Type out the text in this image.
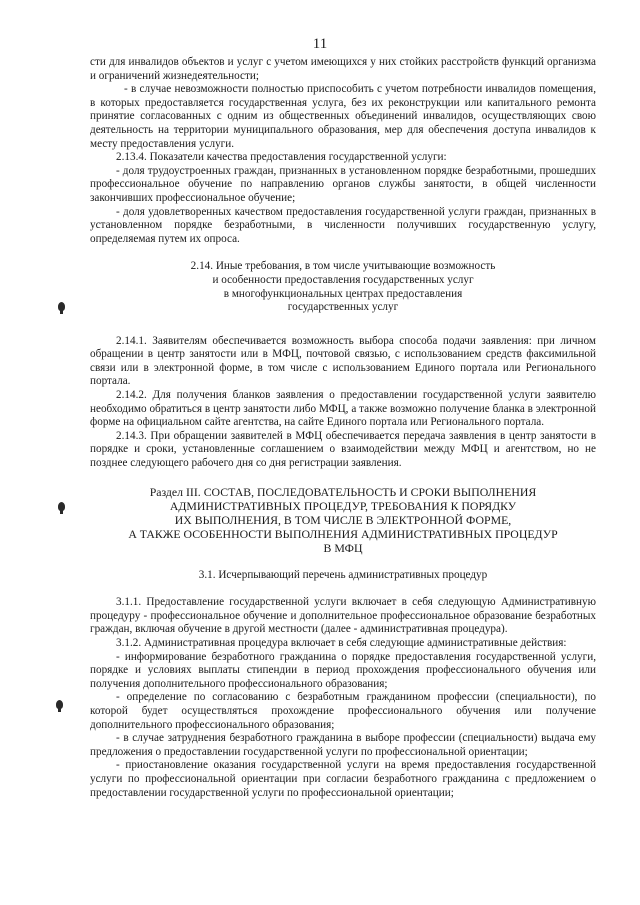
11

сти для инвалидов объектов и услуг с учетом имеющихся у них стойких расстройств функций организма и ограничений жизнедеятельности;

- в случае невозможности полностью приспособить с учетом потребности инвалидов помещения, в которых предоставляется государственная услуга, без их реконструкции или капитального ремонта принятие согласованных с одним из общественных объединений инвалидов, осуществляющих свою деятельность на территории муниципального образования, мер для обеспечения доступа инвалидов к месту предоставления услуги.

2.13.4. Показатели качества предоставления государственной услуги:

- доля трудоустроенных граждан, признанных в установленном порядке безработными, прошедших профессиональное обучение по направлению органов службы занятости, в общей численности закончивших профессиональное обучение;

- доля удовлетворенных качеством предоставления государственной услуги граждан, признанных в установленном порядке безработными, в численности получивших государственную услугу, определяемая путем их опроса.

2.14. Иные требования, в том числе учитывающие возможность

и особенности предоставления государственных услуг

в многофункциональных центрах предоставления

государственных услуг

2.14.1. Заявителям обеспечивается возможность выбора способа подачи заявления: при личном обращении в центр занятости или в МФЦ, почтовой связью, с использованием средств факсимильной связи или в электронной форме, в том числе с использованием Единого портала или Регионального портала.

2.14.2. Для получения бланков заявления о предоставлении государственной услуги заявителю необходимо обратиться в центр занятости либо МФЦ, а также возможно получение бланка в электронной форме на официальном сайте агентства, на сайте Единого портала или Регионального портала.

2.14.3. При обращении заявителей в МФЦ обеспечивается передача заявления в центр занятости в порядке и сроки, установленные соглашением о взаимодействии между МФЦ и агентством, но не позднее следующего рабочего дня со дня регистрации заявления.

Раздел III. СОСТАВ, ПОСЛЕДОВАТЕЛЬНОСТЬ И СРОКИ ВЫПОЛНЕНИЯ

АДМИНИСТРАТИВНЫХ ПРОЦЕДУР, ТРЕБОВАНИЯ К ПОРЯДКУ

ИХ ВЫПОЛНЕНИЯ, В ТОМ ЧИСЛЕ В ЭЛЕКТРОННОЙ ФОРМЕ,

А ТАКЖЕ ОСОБЕННОСТИ ВЫПОЛНЕНИЯ АДМИНИСТРАТИВНЫХ ПРОЦЕДУР

В МФЦ

3.1. Исчерпывающий перечень административных процедур

3.1.1. Предоставление государственной услуги включает в себя следующую Административную процедуру - профессиональное обучение и дополнительное профессиональное образование безработных граждан, включая обучение в другой местности (далее - административная процедура).

3.1.2. Административная процедура включает в себя следующие административные действия:

- информирование безработного гражданина о порядке предоставления государственной услуги, порядке и условиях выплаты стипендии в период прохождения профессионального обучения или получения дополнительного профессионального образования;

- определение по согласованию с безработным гражданином профессии (специальности), по которой будет осуществляться прохождение профессионального обучения или получение дополнительного профессионального образования;

- в случае затруднения безработного гражданина в выборе профессии (специальности) выдача ему предложения о предоставлении государственной услуги по профессиональной ориентации;

- приостановление оказания государственной услуги на время предоставления государственной услуги по профессиональной ориентации при согласии безработного гражданина с предложением о предоставлении государственной услуги по профессиональной ориентации;
